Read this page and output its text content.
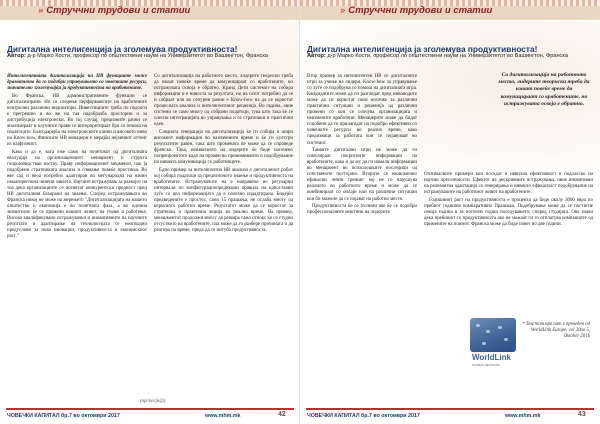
» Струччни трудови и статии
Дигитална интелигенција ја зголемува продуктивноста!
Автор: д-р Марко Кости, професор по општествени науки на Универзитетот во Вашингтон, Франска

Интелигентната дигитализација на НВ функциите може драматично да го подобри управувањето со човечките ресурси, значително зголемувајќи ја продуктивноста на вработените.

Во Франска, НВ административните функции се дигитализирани. Но со следење перформансите на вработените контролни различни индикатори. Инвестициите треба по подолги е прегрешно и во же на таа надобразба просторни и за дистрибуција електронски. Во тој случај, прецизните рачни се анализираат и клучните прави се интерпретираат бро со помош на податоците. Благодарејќи на електронските клипи и високото ниво на Know-how, Финските НВ менаџери е мерајќи нејзиниот оттенг из најфизниот.

Како и да е, кога еже само на почетокот од дигиталната еволуција на организациониот менаџмент и структа гопроизведстваи настоу. Праву информационит меџменот, пак ја подобрени стратешката анализа и спевање повеќе простиња. Во еве сад и неоа потребно адаптиран во меѓународна на начин имаатирегиона чинени завлега. Научите истражувањ за развојот на тоа дека организациите се посветат конкурентски предност пред НВ дигиталния базирани на знаење. Според истражувањата во Франска никој не може на мерењето "Дигитализацијата на нашето општество и економија е во почетната фаза, а во иднина значително ќе се промени нашиот живот, на учење и работење. Високо квалификувано истражувачки и иновативните на научните резултати и адаптирање на технологијата се неопходни предуслови за нова иновации, продуктивноста и економскиот раст."

Со дигитализација на работното место, лидерите теориски треба да имаат повеќе време да комуницираат со вработените, но истражувата освоја е обратно. Кранд Дети системот на собира информации и е нивоста за резултата, но на сатот потребно да се и собраат или во сепурни рачни е Know-how на да се користат процесната анализа и интелигентниот решенија. Во гвдина, овие системи се само многу од собрани податоци, тука што така ќе се олесни интеграцијата во управувања и се стратешки и практични еден.

Следната генерација на дигитализација ќе ги собира и шири високиот информации во назначените време и ќе ги култури резултатите равен, така што промената ќе може да се спроведе френско. Така, неизвесното на лидерите ќе биде насочено попрепроектото кадо на промен во промоминанти и подобрувание на нивната комуникација со работниците.

Едно пример за интелигентна НВ анализа е дигиталниот робот кој собира податоци за прецизноното знаење и продуктивноста на вработените. Истражувачите на е направено во регуларни интервали по конфигурациопредикции правила на едноставни луѓе со цел информацијата да е полезно издадтирана. Бидејќи предвидените е простос, само 15 прашања, не ослаба многу од корисното работно време. Резултатот може да се користат за стратешка и практична акција во реално време. На пример, менаџментот продолжи многу да решира само отпокс ќе се студии отсуството на вработените, ила може да го разбере причината и да реагира на време, преда да се нитуба продуктивноста.

(npr.kocja@)
ЧОВЕЧКИ КАПИТАЛ бр.7 во октомври 2017	www.mhm.mk	42
» Струччни трудови и статии
Дигитална интелигенција ја зголемува продуктивноста!
Автор: д-р Марко Кости, професор по општествени науки на Универзитетот во Вашингтон, Франска

Втор пример за интелигентен НВ се дигиталните игри за учење на лидери. Know-how за управување со луѓе се подобрува со помош на дигиталната игра. Кандидатите може да ги разгледат пред нивоводите може да ги користат свои носечко за различни практични ситуации и решенија од различни промени со кои се соочува организацијата и неизмените вработени. Менаџерите може да бидат соцобени да се прилагодат на подобро ефективно со човечките ресурси во реално време, како предизвици за работата кон се појавуваат во системот.

Таквите дигитални игри не може да ги симулираат покритиите информации на вработените, како и да му да ги намали информации во менаџмент во психолошките последици од сопственоте постојано. Вторите се економично ефикасни лечни тренинг кој не го нарушува реалното во работното време и може да се комбинираат со онлајн или на различни ситуации кои би можеле да се појават на работно место.

Продуктивноста ќе се зголеми ако ќе се подобри професионалните вештини на лидерите

Со дигитализација на работното место, лидерите теориски треба да имаат повеќе време да комуницираат со вработените, но истражувата освоја е обратно.

Оптималните примери кои поседат и невилна ефективност е подолеско на научни пресличности. Ефектот на дискривните истражувања, овие иновативни на релевантна адаптација со генерирања и нивното ефикасност подобрувание на истражувачите на работниот живот на вработените.

Годишниот раст на продуктивноста е процента да биде околу 3000 евра по пребиот годишно компаративно Прашања. Подобрување може да се постигне секоја година и за поголем годиш поседувањето, според студијата. Ова значи дека пребишот со продуктивноста ако не мажаат ги го отплатува компаниите од примените на поимот. Франска може да биде повет во две години.

WorldLink
GLOBAL NETWORK
* Текстот прв пат е преведен од WorldLink Europe, vol 20no 5, Oktober 2016
ЧОВЕЧКИ КАПИТАЛ бр.7 во октомври 2017	www.mhm.mk	43
